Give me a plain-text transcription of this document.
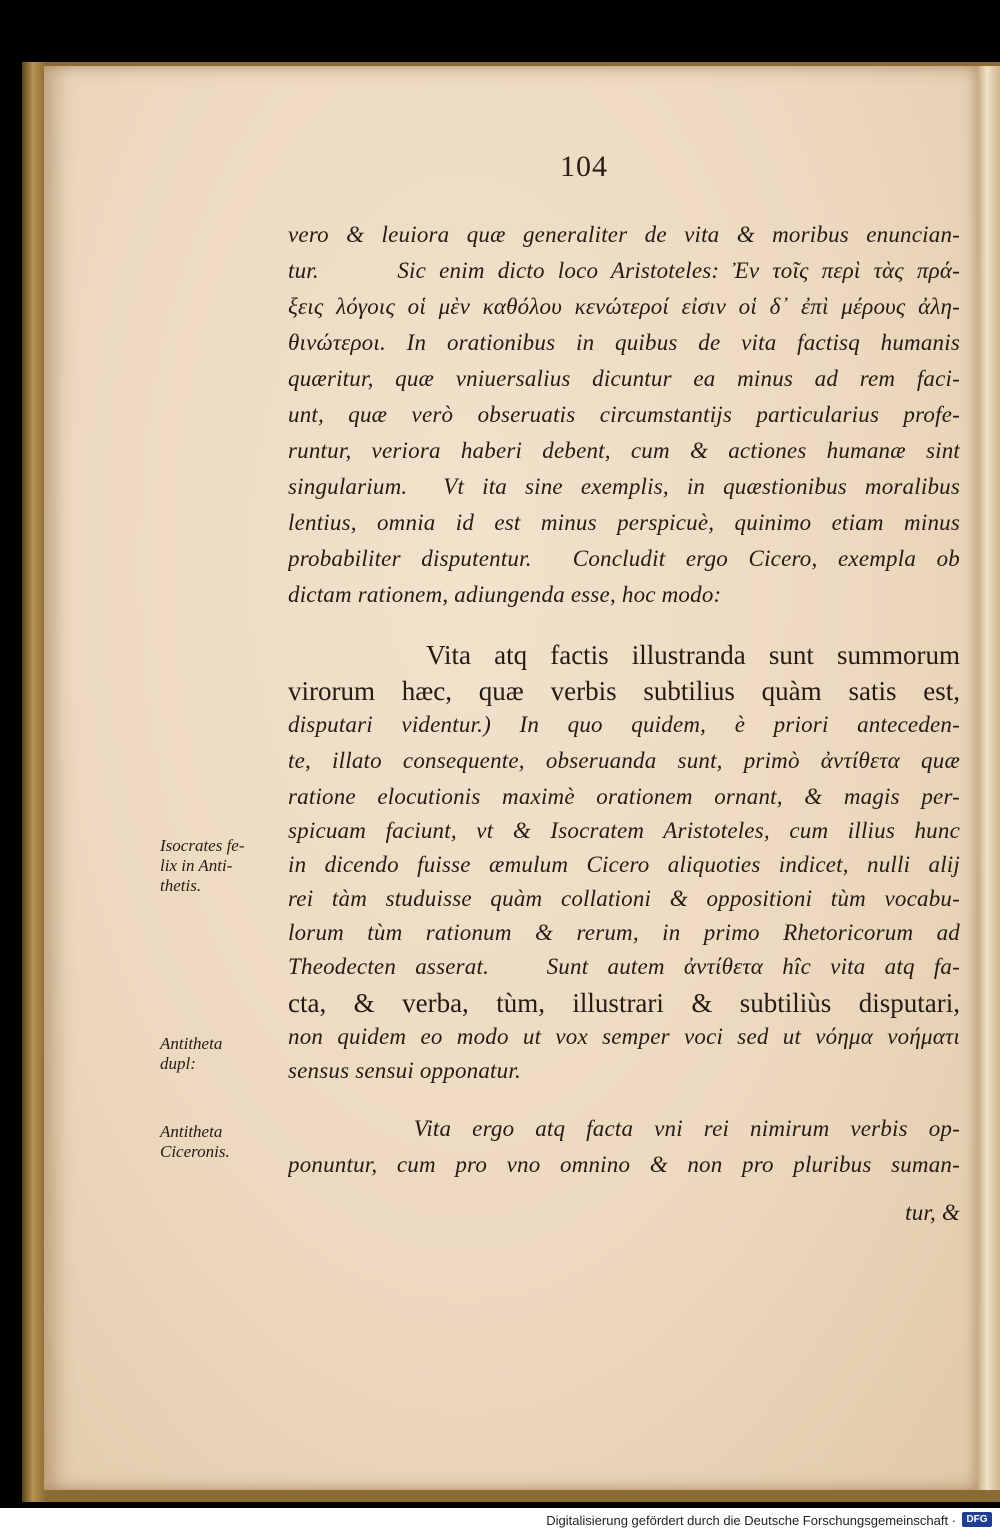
104
vero & leuiora quæ generaliter de vita & moribus enuncian-
tur.      Sic enim dicto loco Aristoteles: Ἐν τοῖς περὶ τὰς πρά-
ξεις λόγοις οἱ μὲν καθόλου κενώτεροί εἰσιν οἱ δ᾽ ἐπὶ μέρους ἀλη-
θινώτεροι. In orationibus in quibus de vita factisq humanis
quæritur, quæ vniuersalius dicuntur ea minus ad rem faci-
unt, quæ verò obseruatis circumstantijs particularius profe-
runtur, veriora haberi debent, cum & actiones humanæ sint
singularium.  Vt ita sine exemplis, in quæstionibus moralibus
lentius, omnia id est minus perspicuè, quinimo etiam minus
probabiliter disputentur.  Concludit ergo Cicero, exempla ob
dictam rationem, adiungenda esse, hoc modo:
Vita atq factis illustranda sunt summorum
virorum hæc, quæ verbis subtilius quàm satis est,
disputari videntur.) In quo quidem, è priori anteceden-
te, illato consequente, obseruanda sunt, primò ἀντίθετα quæ
ratione elocutionis maximè orationem ornant, & magis per-
spicuam faciunt, vt & Isocratem Aristoteles, cum illius hunc
in dicendo fuisse æmulum Cicero aliquoties indicet, nulli alij
rei tàm studuisse quàm collationi & oppositioni tùm vocabu-
lorum tùm rationum & rerum, in primo Rhetoricorum ad
Theodecten asserat.   Sunt autem ἀντίθετα hîc vita atq fa-
cta, & verba, tùm, illustrari & subtiliùs disputari,
non quidem eo modo ut vox semper voci sed ut νόημα νοήματι
sensus sensui opponatur.
Vita ergo atq facta vni rei nimirum verbis op-
ponuntur, cum pro vno omnino & non pro pluribus suman-
tur, &
Isocrates fe-
lix in Anti-
thetis.
Antitheta
dupl:
Antitheta
Ciceronis.
Digitalisierung gefördert durch die Deutsche Forschungsgemeinschaft ·	DFG
